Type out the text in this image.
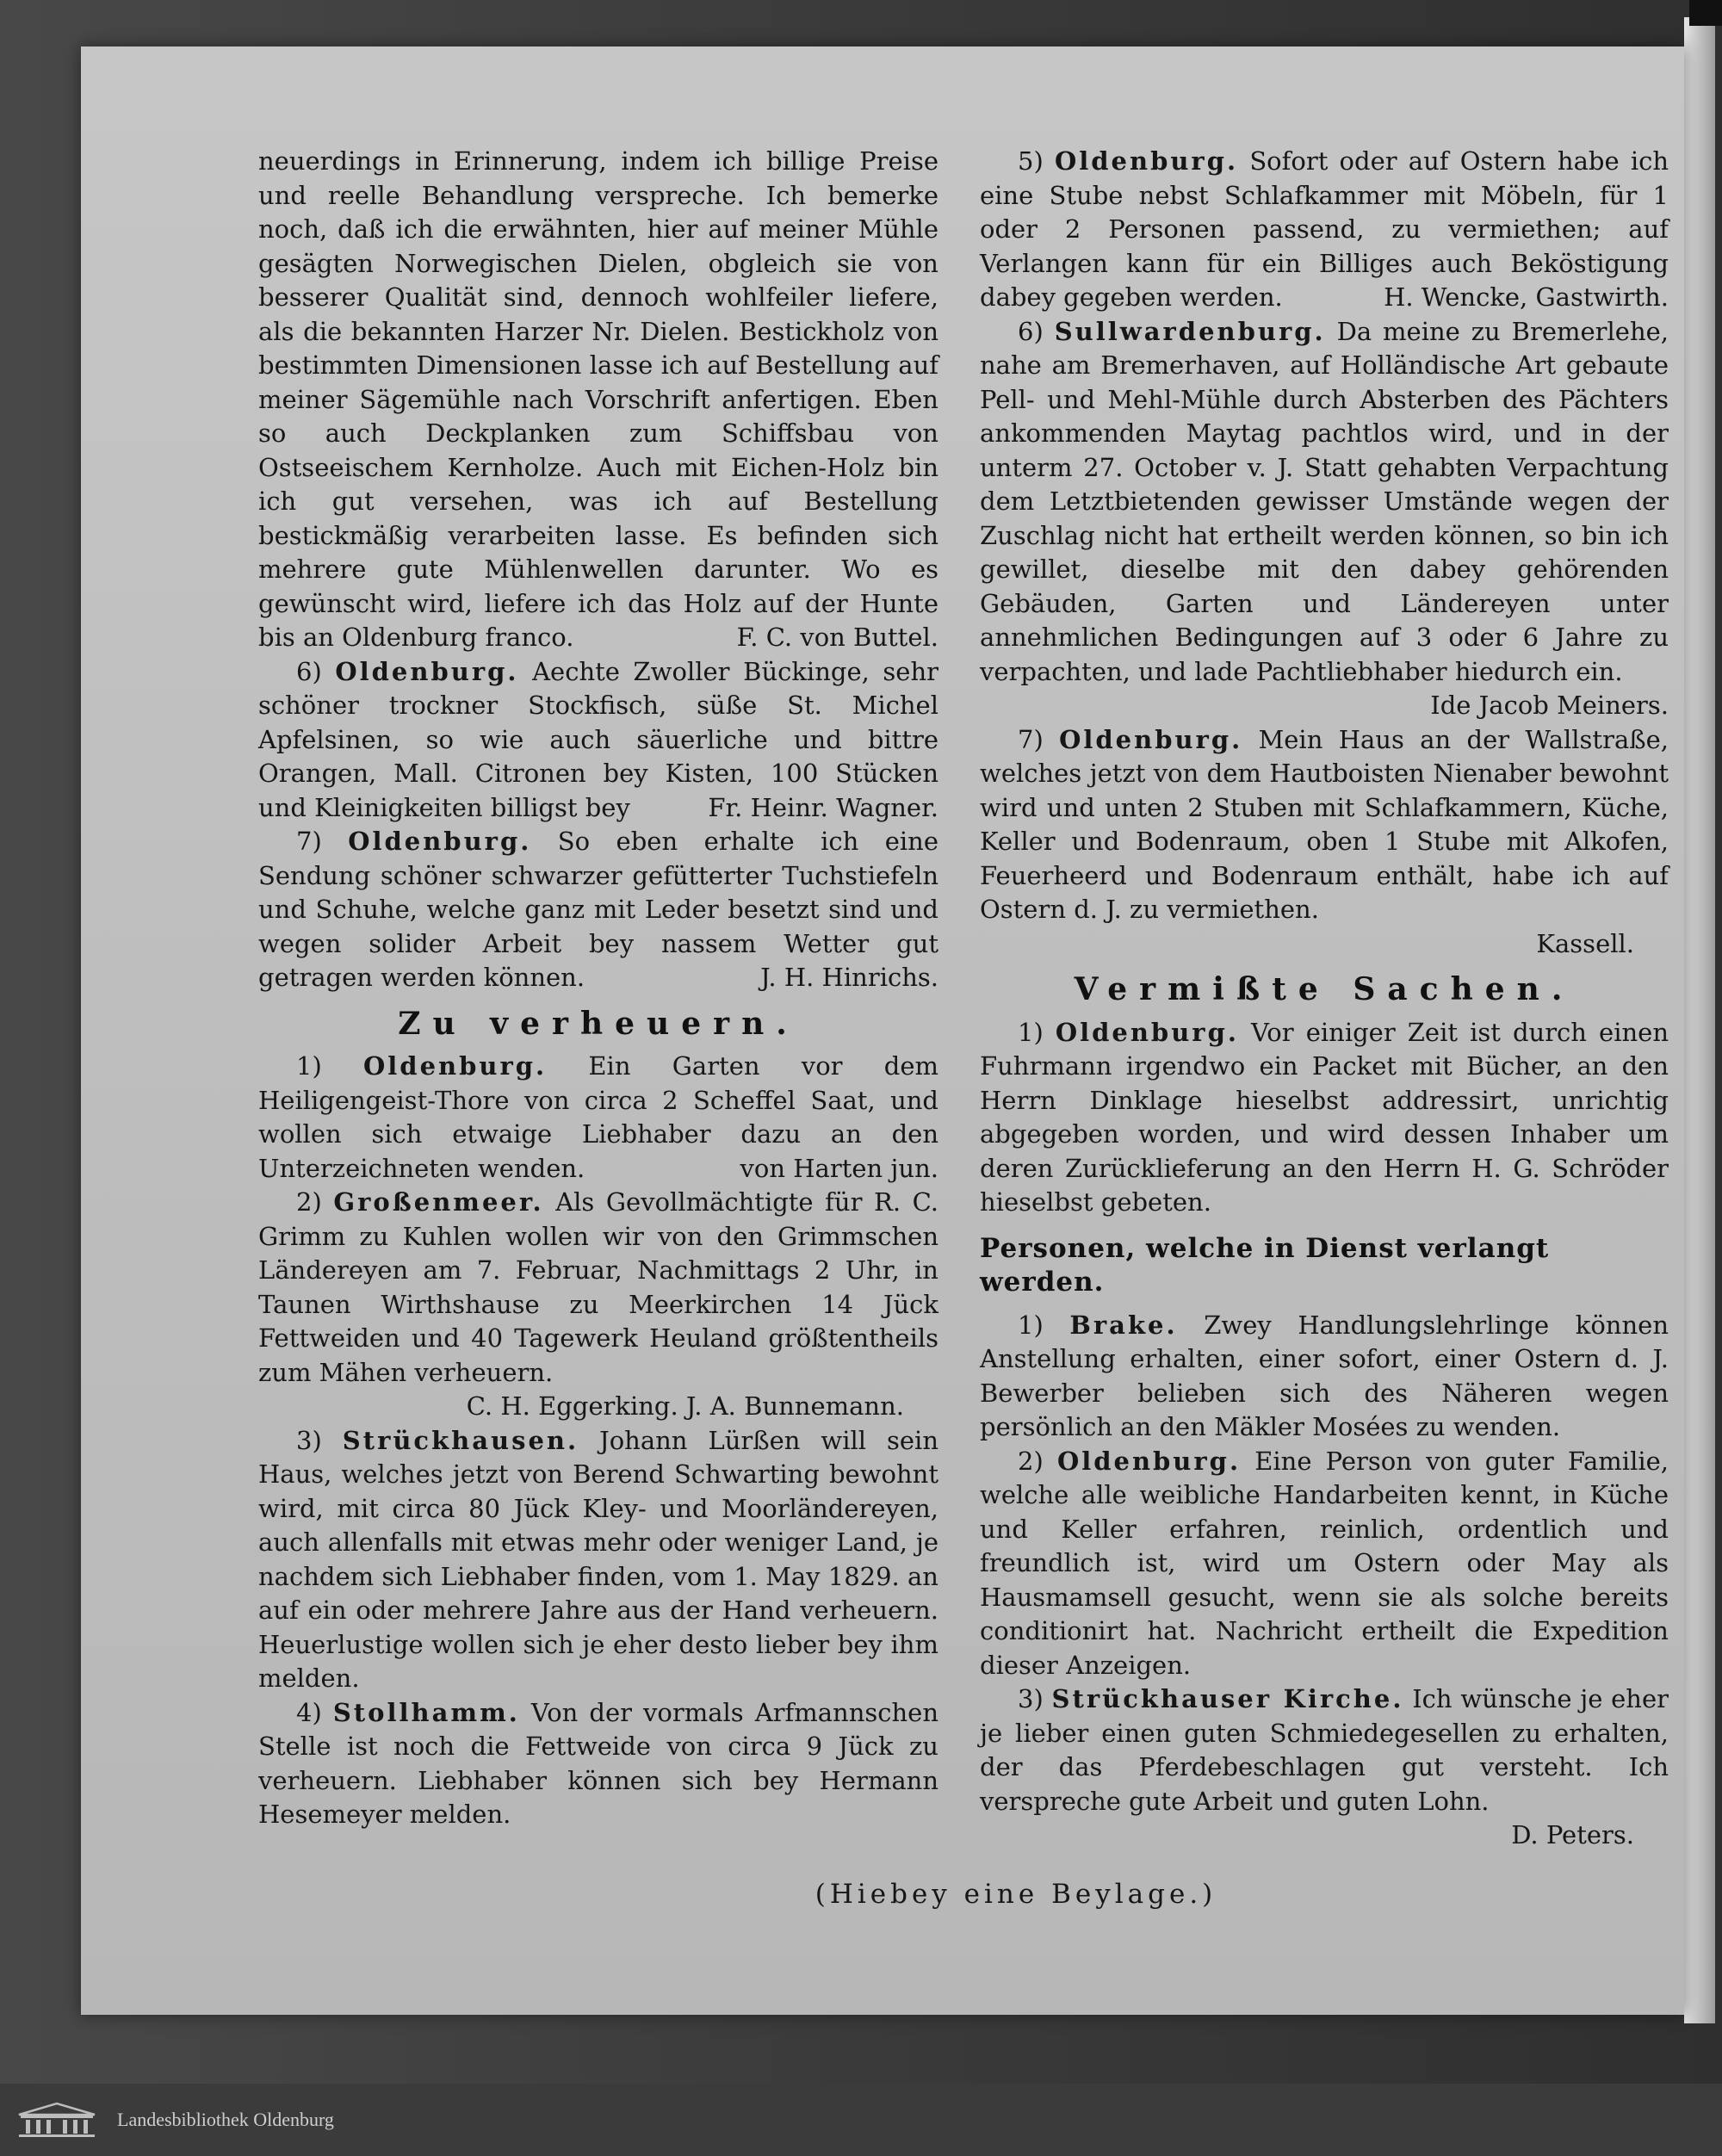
neuerdings in Erinnerung, indem ich billige Preise und reelle Behandlung verspreche. Ich bemerke noch, daß ich die erwähnten, hier auf meiner Mühle gesägten Norwegischen Dielen, obgleich sie von besserer Qualität sind, dennoch wohlfeiler liefere, als die bekannten Harzer Nr. Dielen. Bestickholz von bestimmten Dimensionen lasse ich auf Bestellung auf meiner Sägemühle nach Vorschrift anfertigen. Eben so auch Deckplanken zum Schiffsbau von Ostseeischem Kernholze. Auch mit Eichen-Holz bin ich gut versehen, was ich auf Bestellung bestickmäßig verarbeiten lasse. Es befinden sich mehrere gute Mühlenwellen darunter. Wo es gewünscht wird, liefere ich das Holz auf der Hunte bis an Oldenburg franco.	F. C. von Buttel.

6) Oldenburg. Aechte Zwoller Bückinge, sehr schöner trockner Stockfisch, süße St. Michel Apfelsinen, so wie auch säuerliche und bittre Orangen, Mall. Citronen bey Kisten, 100 Stücken und Kleinigkeiten billigst bey	Fr. Heinr. Wagner.

7) Oldenburg. So eben erhalte ich eine Sendung schöner schwarzer gefütterter Tuchstiefeln und Schuhe, welche ganz mit Leder besetzt sind und wegen solider Arbeit bey nassem Wetter gut getragen werden können.	J. H. Hinrichs.

Zu verheuern.

1) Oldenburg. Ein Garten vor dem Heiligengeist-Thore von circa 2 Scheffel Saat, und wollen sich etwaige Liebhaber dazu an den Unterzeichneten wenden.	von Harten jun.

2) Großenmeer. Als Gevollmächtigte für R. C. Grimm zu Kuhlen wollen wir von den Grimmschen Ländereyen am 7. Februar, Nachmittags 2 Uhr, in Taunen Wirthshause zu Meerkirchen 14 Jück Fettweiden und 40 Tagewerk Heuland größtentheils zum Mähen verheuern.

C. H. Eggerking. J. A. Bunnemann.

3) Strückhausen. Johann Lürßen will sein Haus, welches jetzt von Berend Schwarting bewohnt wird, mit circa 80 Jück Kley- und Moorländereyen, auch allenfalls mit etwas mehr oder weniger Land, je nachdem sich Liebhaber finden, vom 1. May 1829. an auf ein oder mehrere Jahre aus der Hand verheuern. Heuerlustige wollen sich je eher desto lieber bey ihm melden.

4) Stollhamm. Von der vormals Arfmannschen Stelle ist noch die Fettweide von circa 9 Jück zu verheuern. Liebhaber können sich bey Hermann Hesemeyer melden.

5) Oldenburg. Sofort oder auf Ostern habe ich eine Stube nebst Schlafkammer mit Möbeln, für 1 oder 2 Personen passend, zu vermiethen; auf Verlangen kann für ein Billiges auch Beköstigung dabey gegeben werden.	H. Wencke, Gastwirth.

6) Sullwardenburg. Da meine zu Bremerlehe, nahe am Bremerhaven, auf Holländische Art gebaute Pell- und Mehl-Mühle durch Absterben des Pächters ankommenden Maytag pachtlos wird, und in der unterm 27. October v. J. Statt gehabten Verpachtung dem Letztbietenden gewisser Umstände wegen der Zuschlag nicht hat ertheilt werden können, so bin ich gewillet, dieselbe mit den dabey gehörenden Gebäuden, Garten und Ländereyen unter annehmlichen Bedingungen auf 3 oder 6 Jahre zu verpachten, und lade Pachtliebhaber hiedurch ein.
Ide Jacob Meiners.

7) Oldenburg. Mein Haus an der Wallstraße, welches jetzt von dem Hautboisten Nienaber bewohnt wird und unten 2 Stuben mit Schlafkammern, Küche, Keller und Bodenraum, oben 1 Stube mit Alkofen, Feuerheerd und Bodenraum enthält, habe ich auf Ostern d. J. zu vermiethen.

Kassell.

Vermißte Sachen.

1) Oldenburg. Vor einiger Zeit ist durch einen Fuhrmann irgendwo ein Packet mit Bücher, an den Herrn Dinklage hieselbst addressirt, unrichtig abgegeben worden, und wird dessen Inhaber um deren Zurücklieferung an den Herrn H. G. Schröder hieselbst gebeten.

Personen, welche in Dienst verlangt werden.

1) Brake. Zwey Handlungslehrlinge können Anstellung erhalten, einer sofort, einer Ostern d. J. Bewerber belieben sich des Näheren wegen persönlich an den Mäkler Mosées zu wenden.

2) Oldenburg. Eine Person von guter Familie, welche alle weibliche Handarbeiten kennt, in Küche und Keller erfahren, reinlich, ordentlich und freundlich ist, wird um Ostern oder May als Hausmamsell gesucht, wenn sie als solche bereits conditionirt hat. Nachricht ertheilt die Expedition dieser Anzeigen.

3) Strückhauser Kirche. Ich wünsche je eher je lieber einen guten Schmiedegesellen zu erhalten, der das Pferdebeschlagen gut versteht. Ich verspreche gute Arbeit und guten Lohn.

D. Peters.

(Hiebey eine Beylage.)
Landesbibliothek Oldenburg
